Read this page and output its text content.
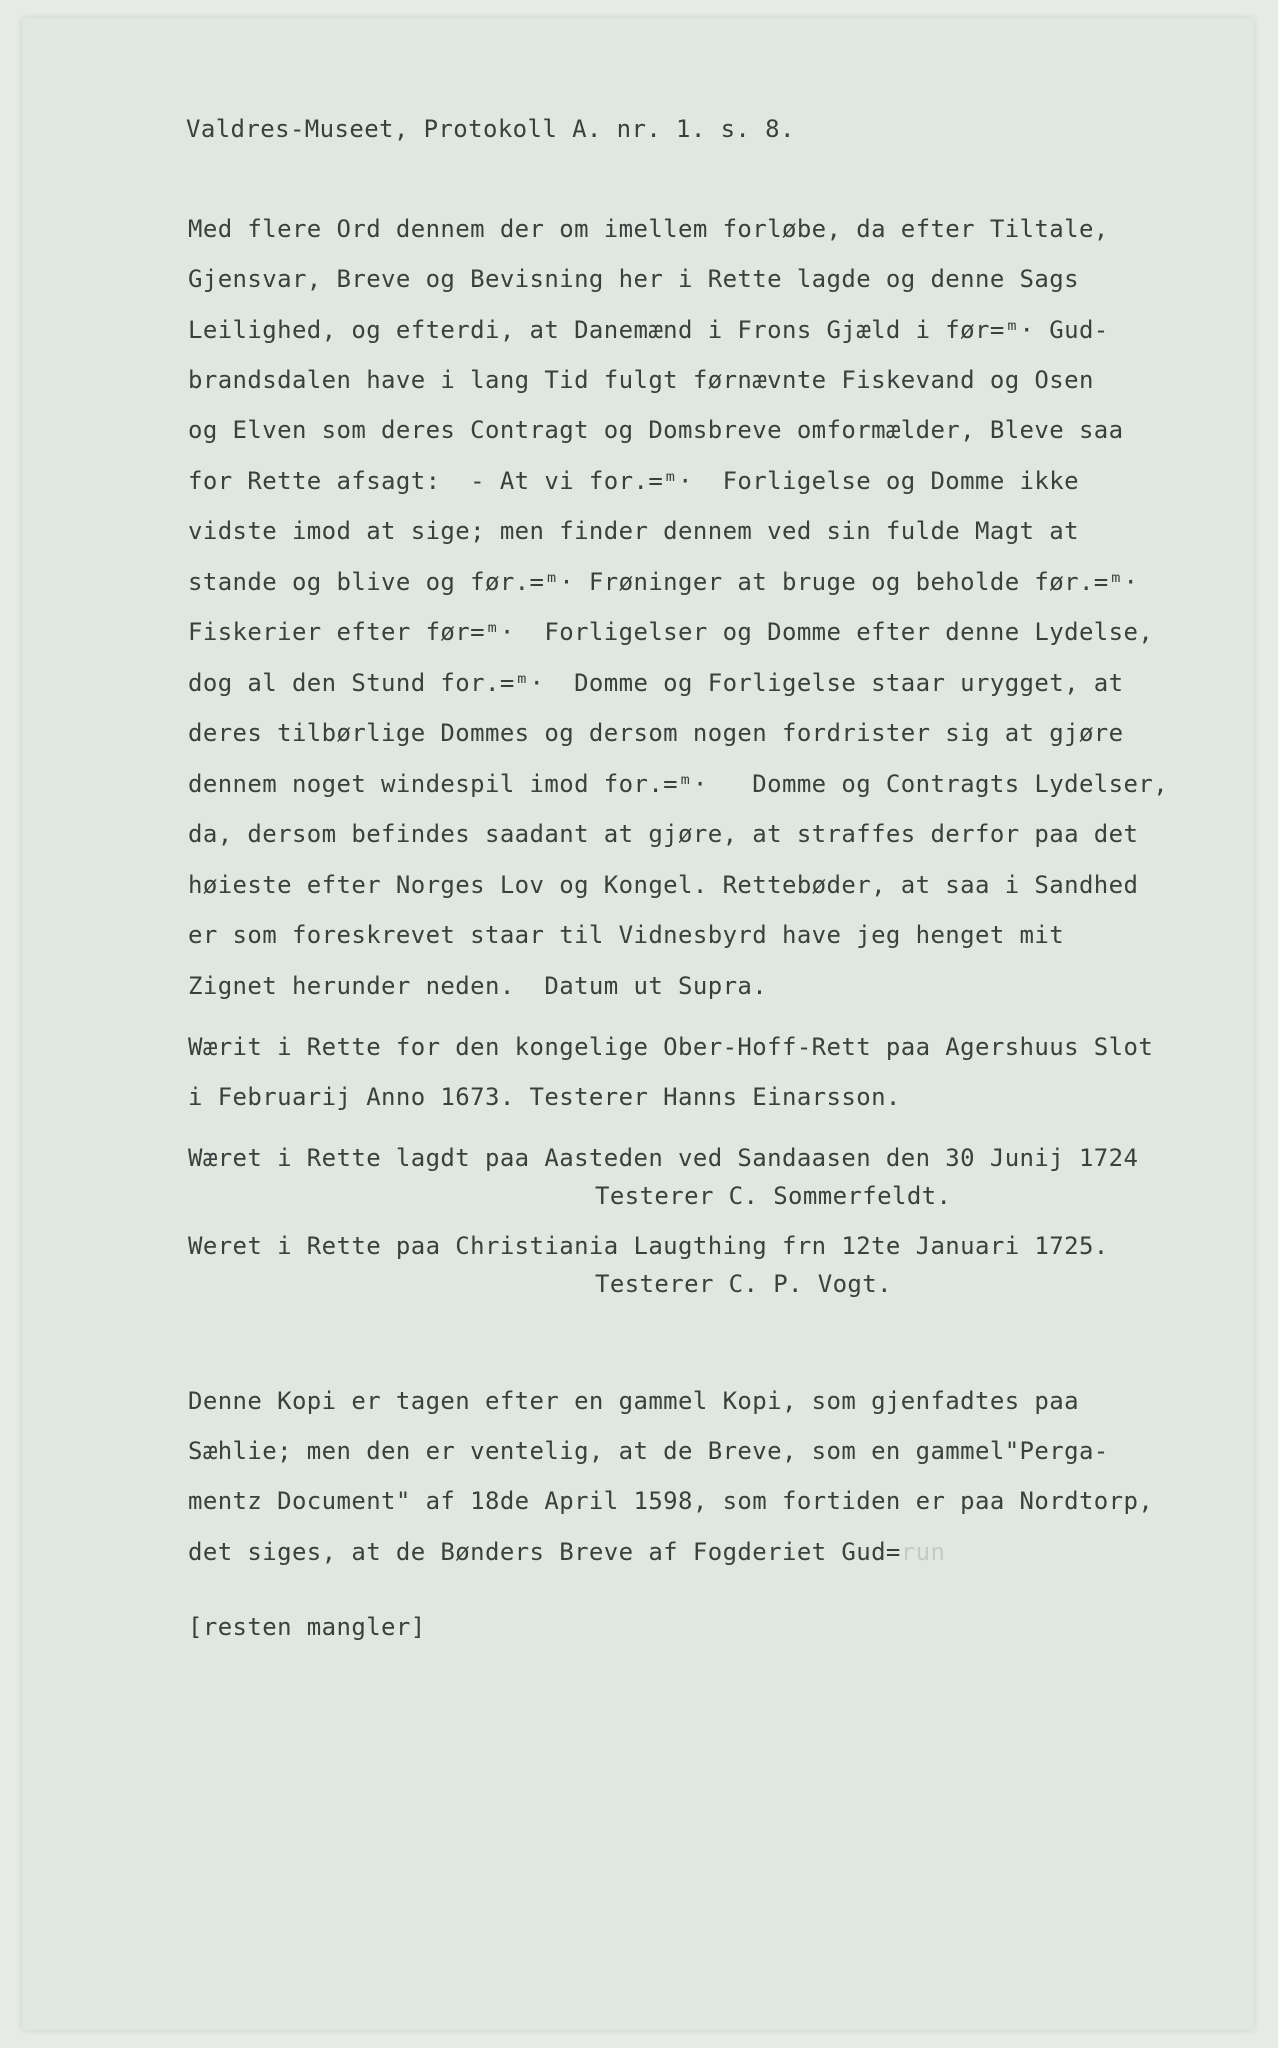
Valdres-Museet, Protokoll A. nr. 1. s. 8.
Med flere Ord dennem der om imellem forløbe, da efter Tiltale,
Gjensvar, Breve og Bevisning her i Rette lagde og denne Sags
Leilighed, og efterdi, at Danemænd i Frons Gjæld i før=ᵐ· Gud-
brandsdalen have i lang Tid fulgt førnævnte Fiskevand og Osen
og Elven som deres Contragt og Domsbreve omformælder, Bleve saa
for Rette afsagt:  - At vi for.=ᵐ·  Forligelse og Domme ikke
vidste imod at sige; men finder dennem ved sin fulde Magt at
stande og blive og før.=ᵐ· Frøninger at bruge og beholde før.=ᵐ·
Fiskerier efter før=ᵐ·  Forligelser og Domme efter denne Lydelse,
dog al den Stund for.=ᵐ·  Domme og Forligelse staar urygget, at
deres tilbørlige Dommes og dersom nogen fordrister sig at gjøre
dennem noget windespil imod for.=ᵐ·   Domme og Contragts Lydelser,
da, dersom befindes saadant at gjøre, at straffes derfor paa det
høieste efter Norges Lov og Kongel. Rettebøder, at saa i Sandhed
er som foreskrevet staar til Vidnesbyrd have jeg henget mit
Zignet herunder neden.  Datum ut Supra.
Wærit i Rette for den kongelige Ober-Hoff-Rett paa Agershuus Slot
i Februarij Anno 1673. Testerer Hanns Einarsson.
Wæret i Rette lagdt paa Aasteden ved Sandaasen den 30 Junij 1724
Testerer C. Sommerfeldt.
Weret i Rette paa Christiania Laugthing frn 12te Januari 1725.
Testerer C. P. Vogt.
Denne Kopi er tagen efter en gammel Kopi, som gjenfadtes paa
Sæhlie; men den er ventelig, at de Breve, som en gammel"Perga-
mentz Document" af 18de April 1598, som fortiden er paa Nordtorp,
det siges, at de Bønders Breve af Fogderiet Gud=run
[resten mangler]
